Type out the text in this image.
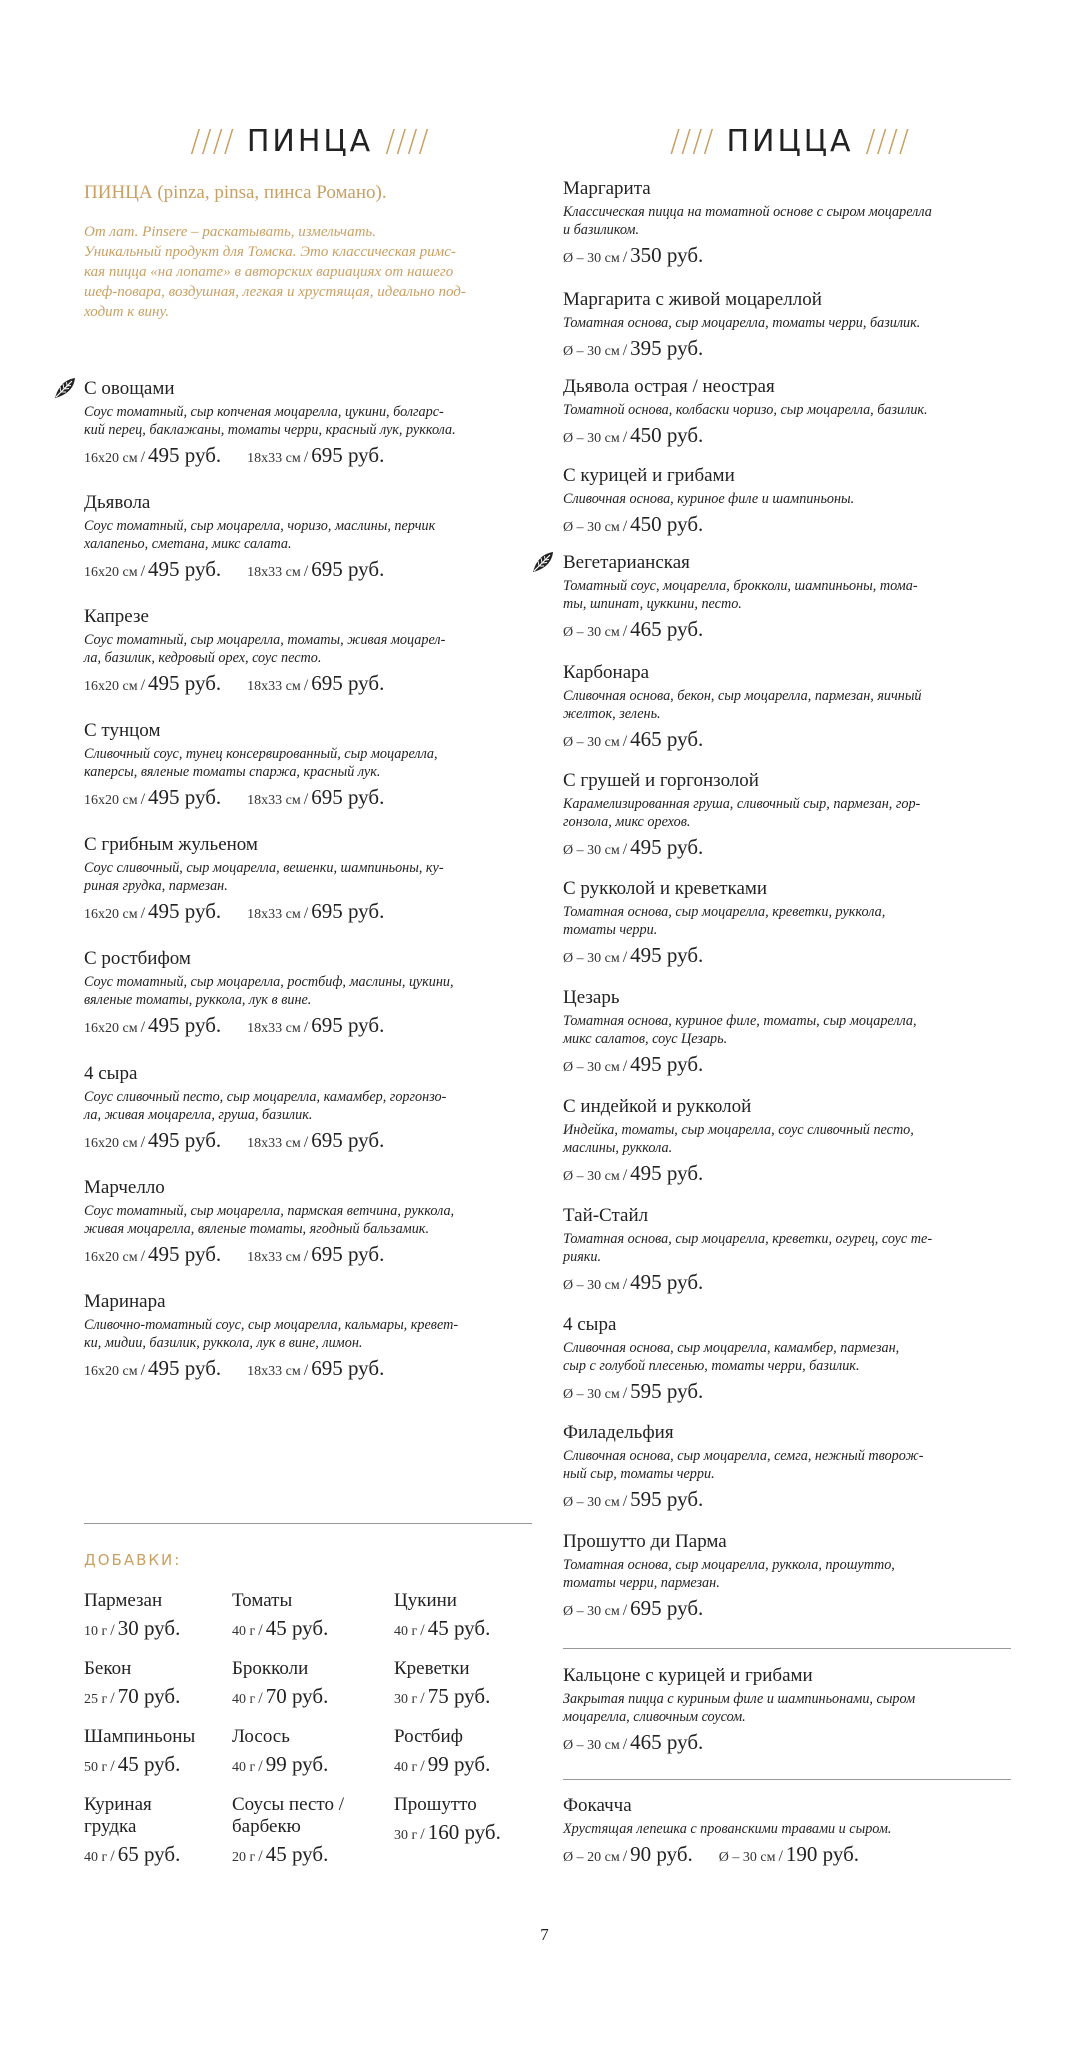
//// ПИНЦА ////	//// ПИЦЦА ////
ПИНЦА (pinza, pinsa, пинса Романо).
От лат. Pinsere – раскатывать, измельчать.
Уникальный продукт для Томска. Это классическая римс-
кая пицца «на лопате» в авторских вариациях от нашего
шеф-повара, воздушная, легкая и хрустящая, идеально под-
ходит к вину.
С овощами
Соус томатный, сыр копченая моцарелла, цукини, болгарс-
кий перец, баклажаны, томаты черри, красный лук, руккола.
16х20 см / 495 руб. 18х33 см / 695 руб.
Дьявола
Соус томатный, сыр моцарелла, чоризо, маслины, перчик
халапеньо, сметана, микс салата.
16х20 см / 495 руб. 18х33 см / 695 руб.
Капрезе
Соус томатный, сыр моцарелла, томаты, живая моцарел-
ла, базилик, кедровый орех, соус песто.
16х20 см / 495 руб. 18х33 см / 695 руб.
С тунцом
Сливочный соус, тунец консервированный, сыр моцарелла,
каперсы, вяленые томаты спаржа, красный лук.
16х20 см / 495 руб. 18х33 см / 695 руб.
С грибным жульеном
Соус сливочный, сыр моцарелла, вешенки, шампиньоны, ку-
риная грудка, пармезан.
16х20 см / 495 руб. 18х33 см / 695 руб.
С ростбифом
Соус томатный, сыр моцарелла, ростбиф, маслины, цукини,
вяленые томаты, руккола, лук в вине.
16х20 см / 495 руб. 18х33 см / 695 руб.
4 сыра
Соус сливочный песто, сыр моцарелла, камамбер, горгонзо-
ла, живая моцарелла, груша, базилик.
16х20 см / 495 руб. 18х33 см / 695 руб.
Марчелло
Соус томатный, сыр моцарелла, пармская ветчина, руккола,
живая моцарелла, вяленые томаты, ягодный бальзамик.
16х20 см / 495 руб. 18х33 см / 695 руб.
Маринара
Сливочно-томатный соус, сыр моцарелла, кальмары, кревет-
ки, мидии, базилик, руккола, лук в вине, лимон.
16х20 см / 495 руб. 18х33 см / 695 руб.
Маргарита
Классическая пицца на томатной основе с сыром моцарелла
и базиликом.
Ø – 30 см / 350 руб.
Маргарита с живой моцареллой
Томатная основа, сыр моцарелла, томаты черри, базилик.
Ø – 30 см / 395 руб.
Дьявола острая / неострая
Томатной основа, колбаски чоризо, сыр моцарелла, базилик.
Ø – 30 см / 450 руб.
С курицей и грибами
Сливочная основа, куриное филе и шампиньоны.
Ø – 30 см / 450 руб.
Вегетарианская
Томатный соус, моцарелла, брокколи, шампиньоны, тома-
ты, шпинат, цуккини, песто.
Ø – 30 см / 465 руб.
Карбонара
Сливочная основа, бекон, сыр моцарелла, пармезан, яичный
желток, зелень.
Ø – 30 см / 465 руб.
С грушей и горгонзолой
Карамелизированная груша, сливочный сыр, пармезан, гор-
гонзола, микс орехов.
Ø – 30 см / 495 руб.
С рукколой и креветками
Томатная основа, сыр моцарелла, креветки, руккола,
томаты черри.
Ø – 30 см / 495 руб.
Цезарь
Томатная основа, куриное филе, томаты, сыр моцарелла,
микс салатов, соус Цезарь.
Ø – 30 см / 495 руб.
С индейкой и рукколой
Индейка, томаты, сыр моцарелла, соус сливочный песто,
маслины, руккола.
Ø – 30 см / 495 руб.
Тай-Стайл
Томатная основа, сыр моцарелла, креветки, огурец, соус те-
рияки.
Ø – 30 см / 495 руб.
4 сыра
Сливочная основа, сыр моцарелла, камамбер, пармезан,
сыр с голубой плесенью, томаты черри, базилик.
Ø – 30 см / 595 руб.
Филадельфия
Сливочная основа, сыр моцарелла, семга, нежный творож-
ный сыр, томаты черри.
Ø – 30 см / 595 руб.
Прошутто ди Парма
Томатная основа, сыр моцарелла, руккола, прошутто,
томаты черри, пармезан.
Ø – 30 см / 695 руб.
Кальцоне с курицей и грибами
Закрытая пицца с куриным филе и шампиньонами, сыром
моцарелла, сливочным соусом.
Ø – 30 см / 465 руб.
Фокачча
Хрустящая лепешка с прованскими травами и сыром.
Ø – 20 см / 90 руб. Ø – 30 см / 190 руб.
ДОБАВКИ:
Пармезан
10 г / 30 руб.
Томаты
40 г / 45 руб.
Цукини
40 г / 45 руб.
Бекон
25 г / 70 руб.
Брокколи
40 г / 70 руб.
Креветки
30 г / 75 руб.
Шампиньоны
50 г / 45 руб.
Лосось
40 г / 99 руб.
Ростбиф
40 г / 99 руб.
Куриная
грудка
40 г / 65 руб.
Соусы песто /
барбекю
20 г / 45 руб.
Прошутто
30 г / 160 руб.
7
